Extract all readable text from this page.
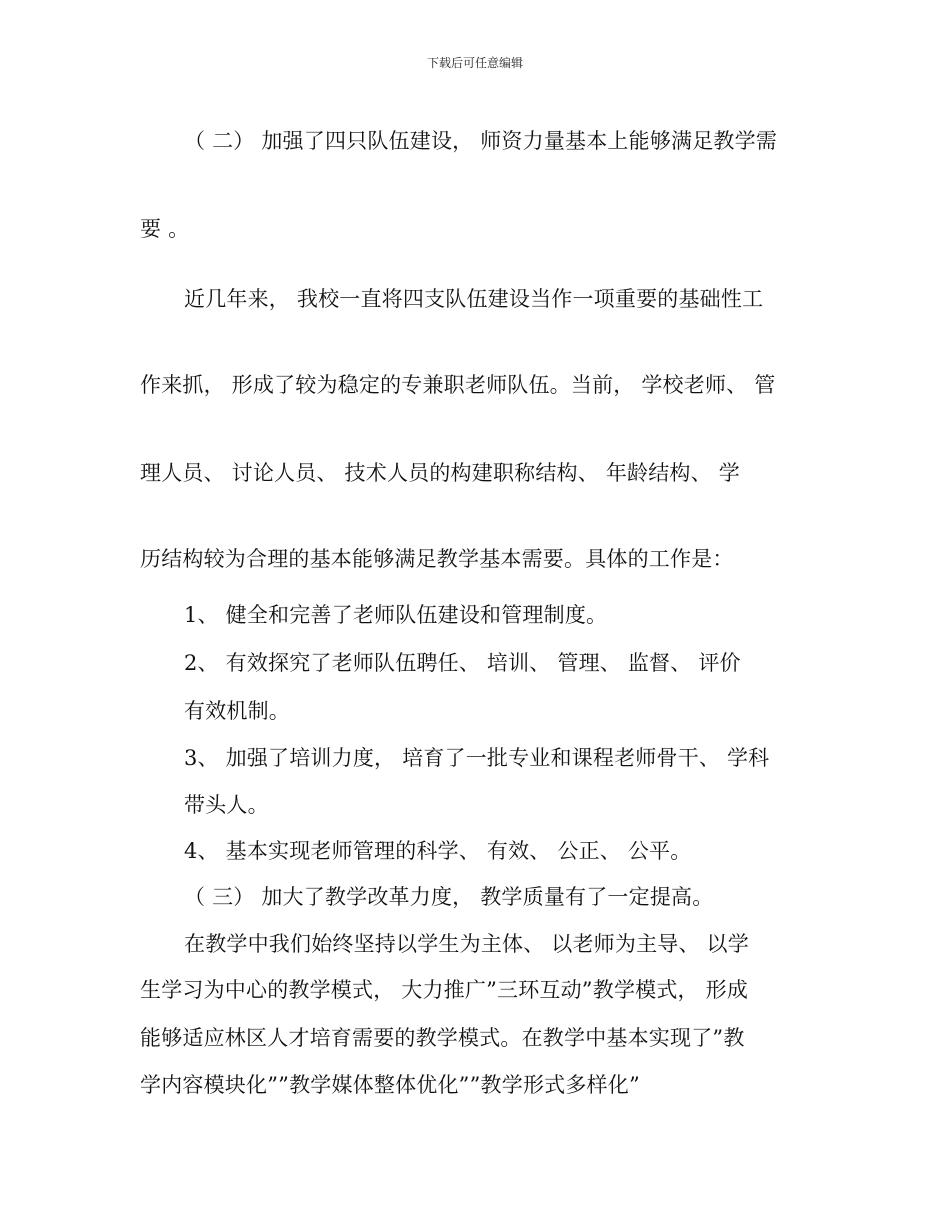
下载后可任意编辑
（ 二） 加强了四只队伍建设， 师资力量基本上能够满足教学需
要 。
近几年来， 我校一直将四支队伍建设当作一项重要的基础性工
作来抓， 形成了较为稳定的专兼职老师队伍。当前， 学校老师、 管
理人员、 讨论人员、 技术人员的构建职称结构、 年龄结构、 学
历结构较为合理的基本能够满足教学基本需要。具体的工作是：
1、 健全和完善了老师队伍建设和管理制度。
2、 有效探究了老师队伍聘任、 培训、 管理、 监督、 评价
有效机制。
3、 加强了培训力度， 培育了一批专业和课程老师骨干、 学科
带头人。
4、 基本实现老师管理的科学、 有效、 公正、 公平。
（ 三） 加大了教学改革力度， 教学质量有了一定提高。
在教学中我们始终坚持以学生为主体、 以老师为主导、 以学
生学习为中心的教学模式， 大力推广”三环互动”教学模式， 形成
能够适应林区人才培育需要的教学模式。在教学中基本实现了”教
学内容模块化””教学媒体整体优化””教学形式多样化”
